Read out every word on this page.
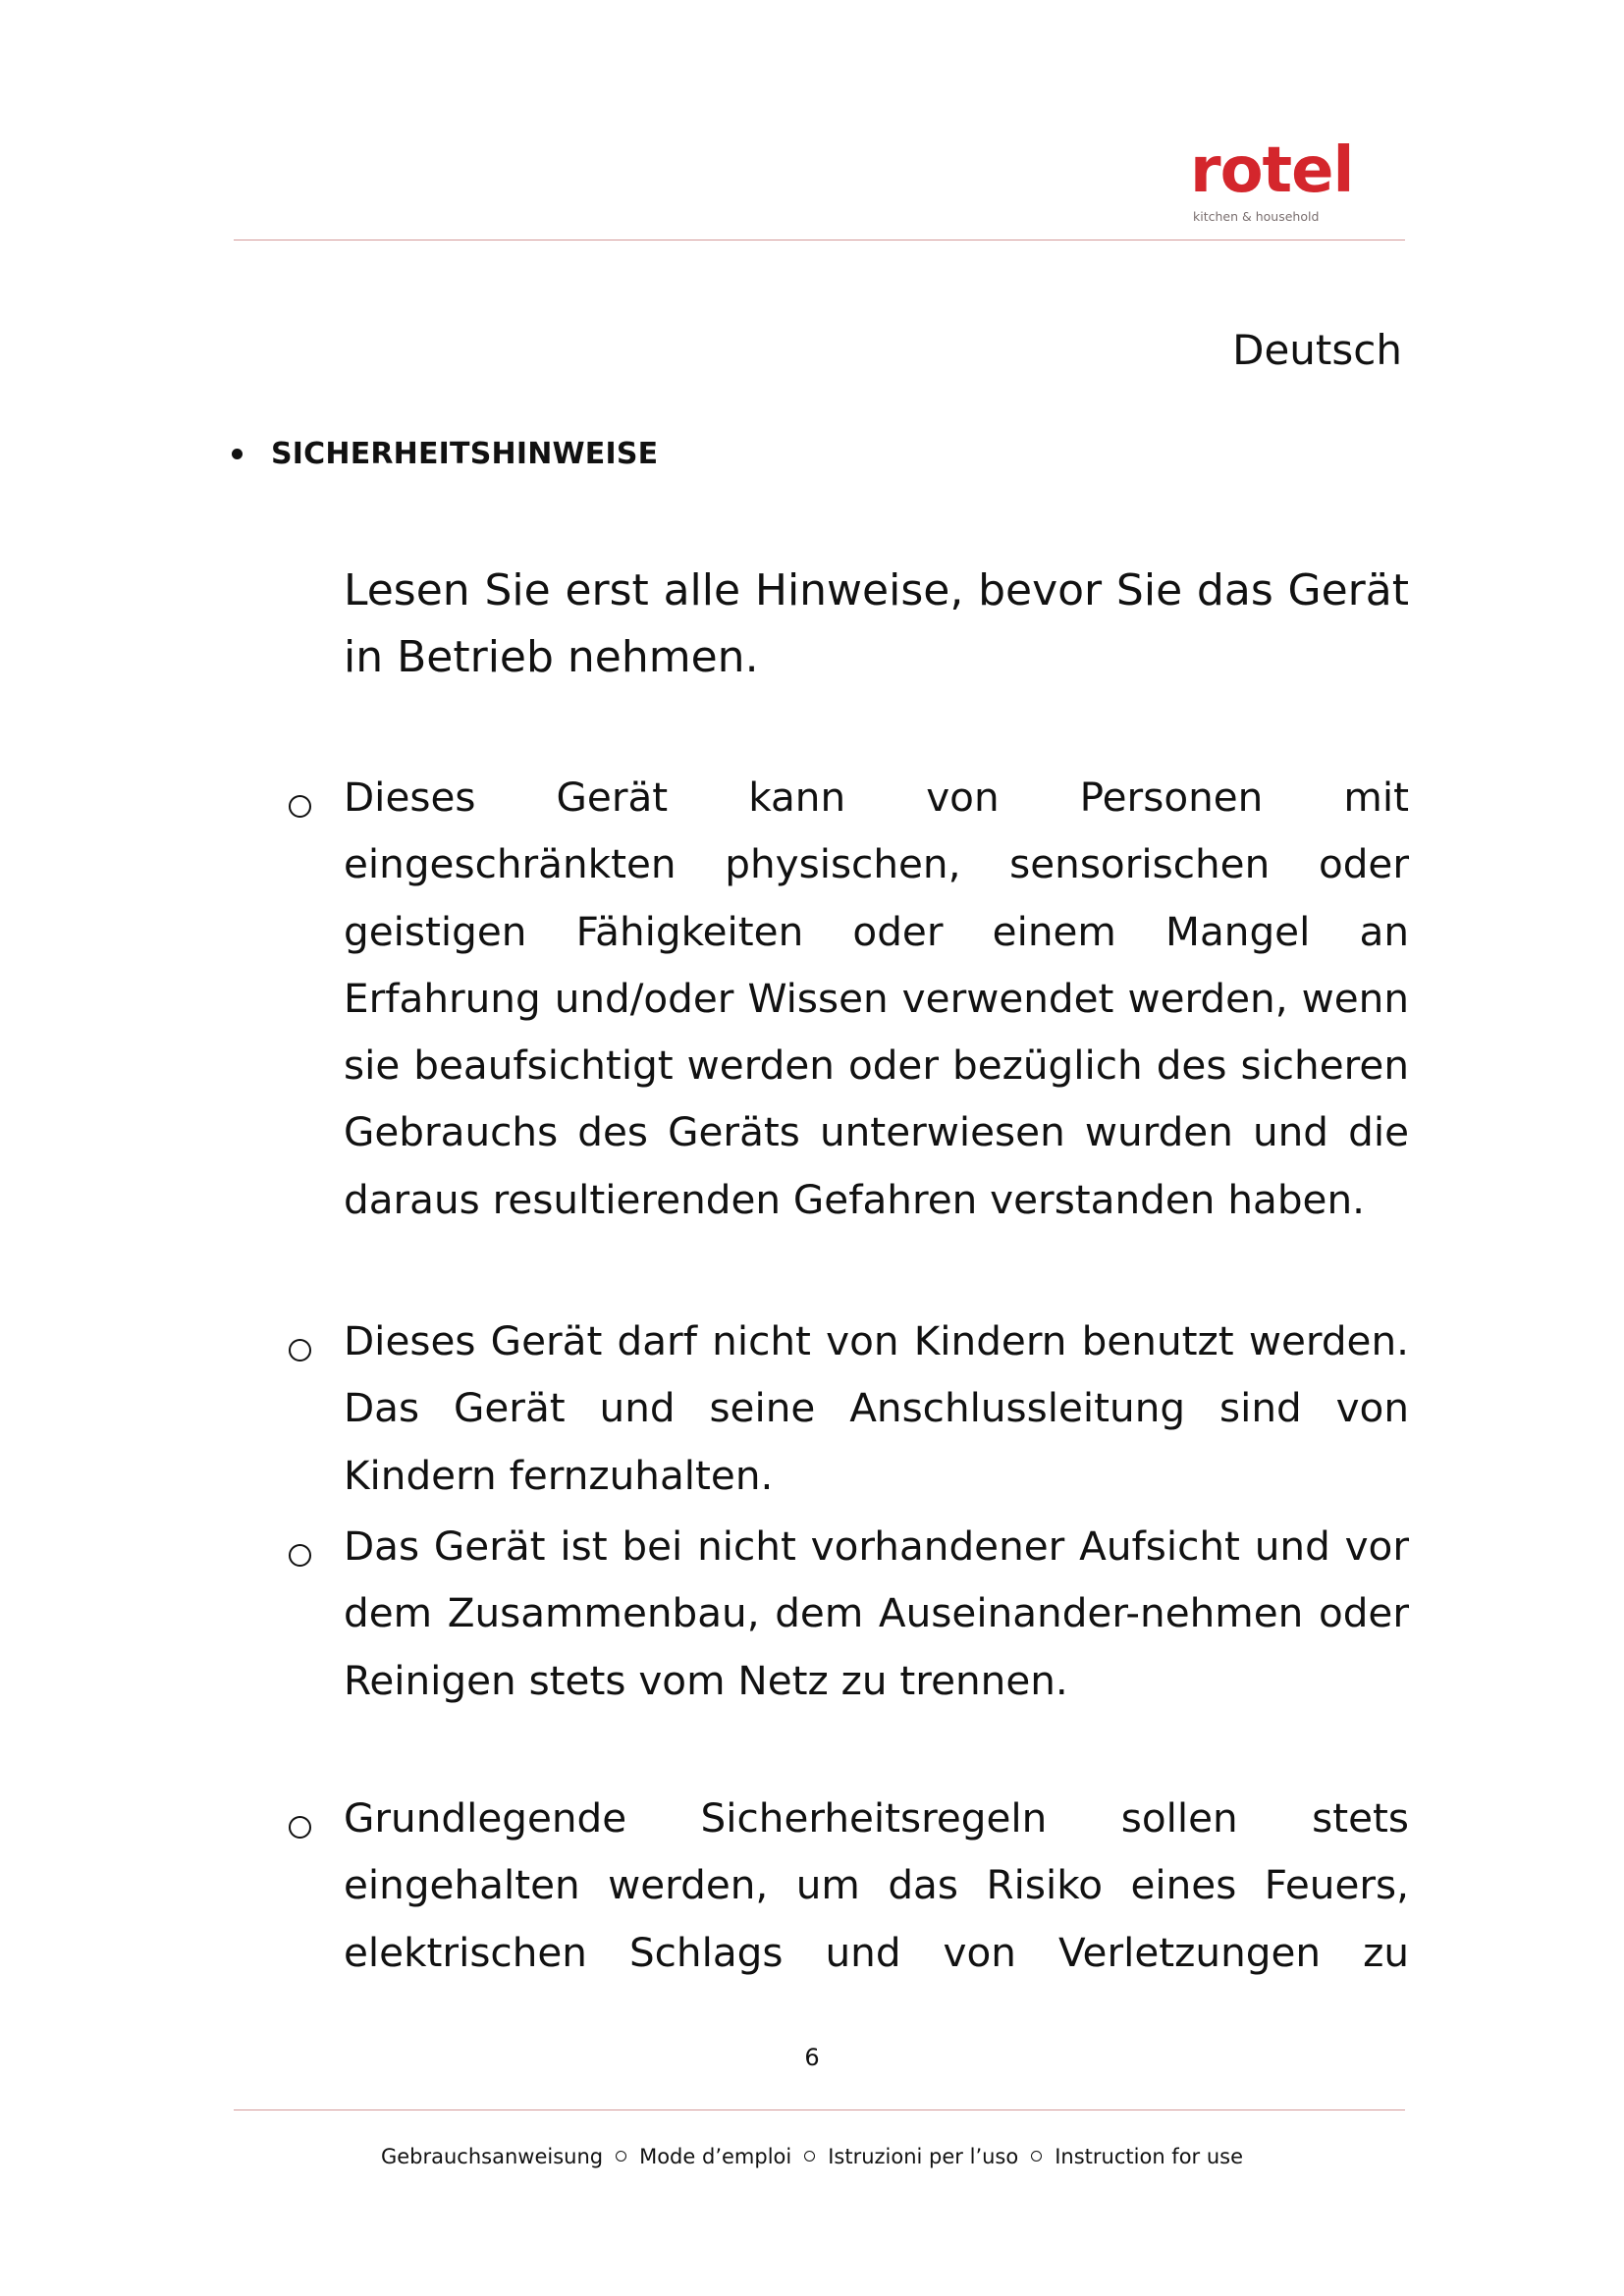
rotel
kitchen & household
Deutsch
SICHERHEITSHINWEISE
Lesen Sie erst alle Hinweise, bevor Sie das Gerät in Betrieb nehmen.
Dieses Gerät kann von Personen mit eingeschränkten physischen, sensorischen oder geistigen Fähigkeiten oder einem Mangel an Erfahrung und/oder Wissen verwendet werden, wenn sie beaufsichtigt werden oder bezüglich des sicheren Gebrauchs des Geräts unterwiesen wurden und die daraus resultierenden Gefahren verstanden haben.
Dieses Gerät darf nicht von Kindern benutzt werden. Das Gerät und seine Anschlussleitung sind von Kindern fernzuhalten.
Das Gerät ist bei nicht vorhandener Aufsicht und vor dem Zusammenbau, dem Auseinander-nehmen oder Reinigen stets vom Netz zu trennen.
Grundlegende Sicherheitsregeln sollen stets eingehalten werden, um das Risiko eines Feuers, elektrischen Schlags und von Verletzungen zu
6
Gebrauchsanweisung Mode d’emploi Istruzioni per l’uso Instruction for use
